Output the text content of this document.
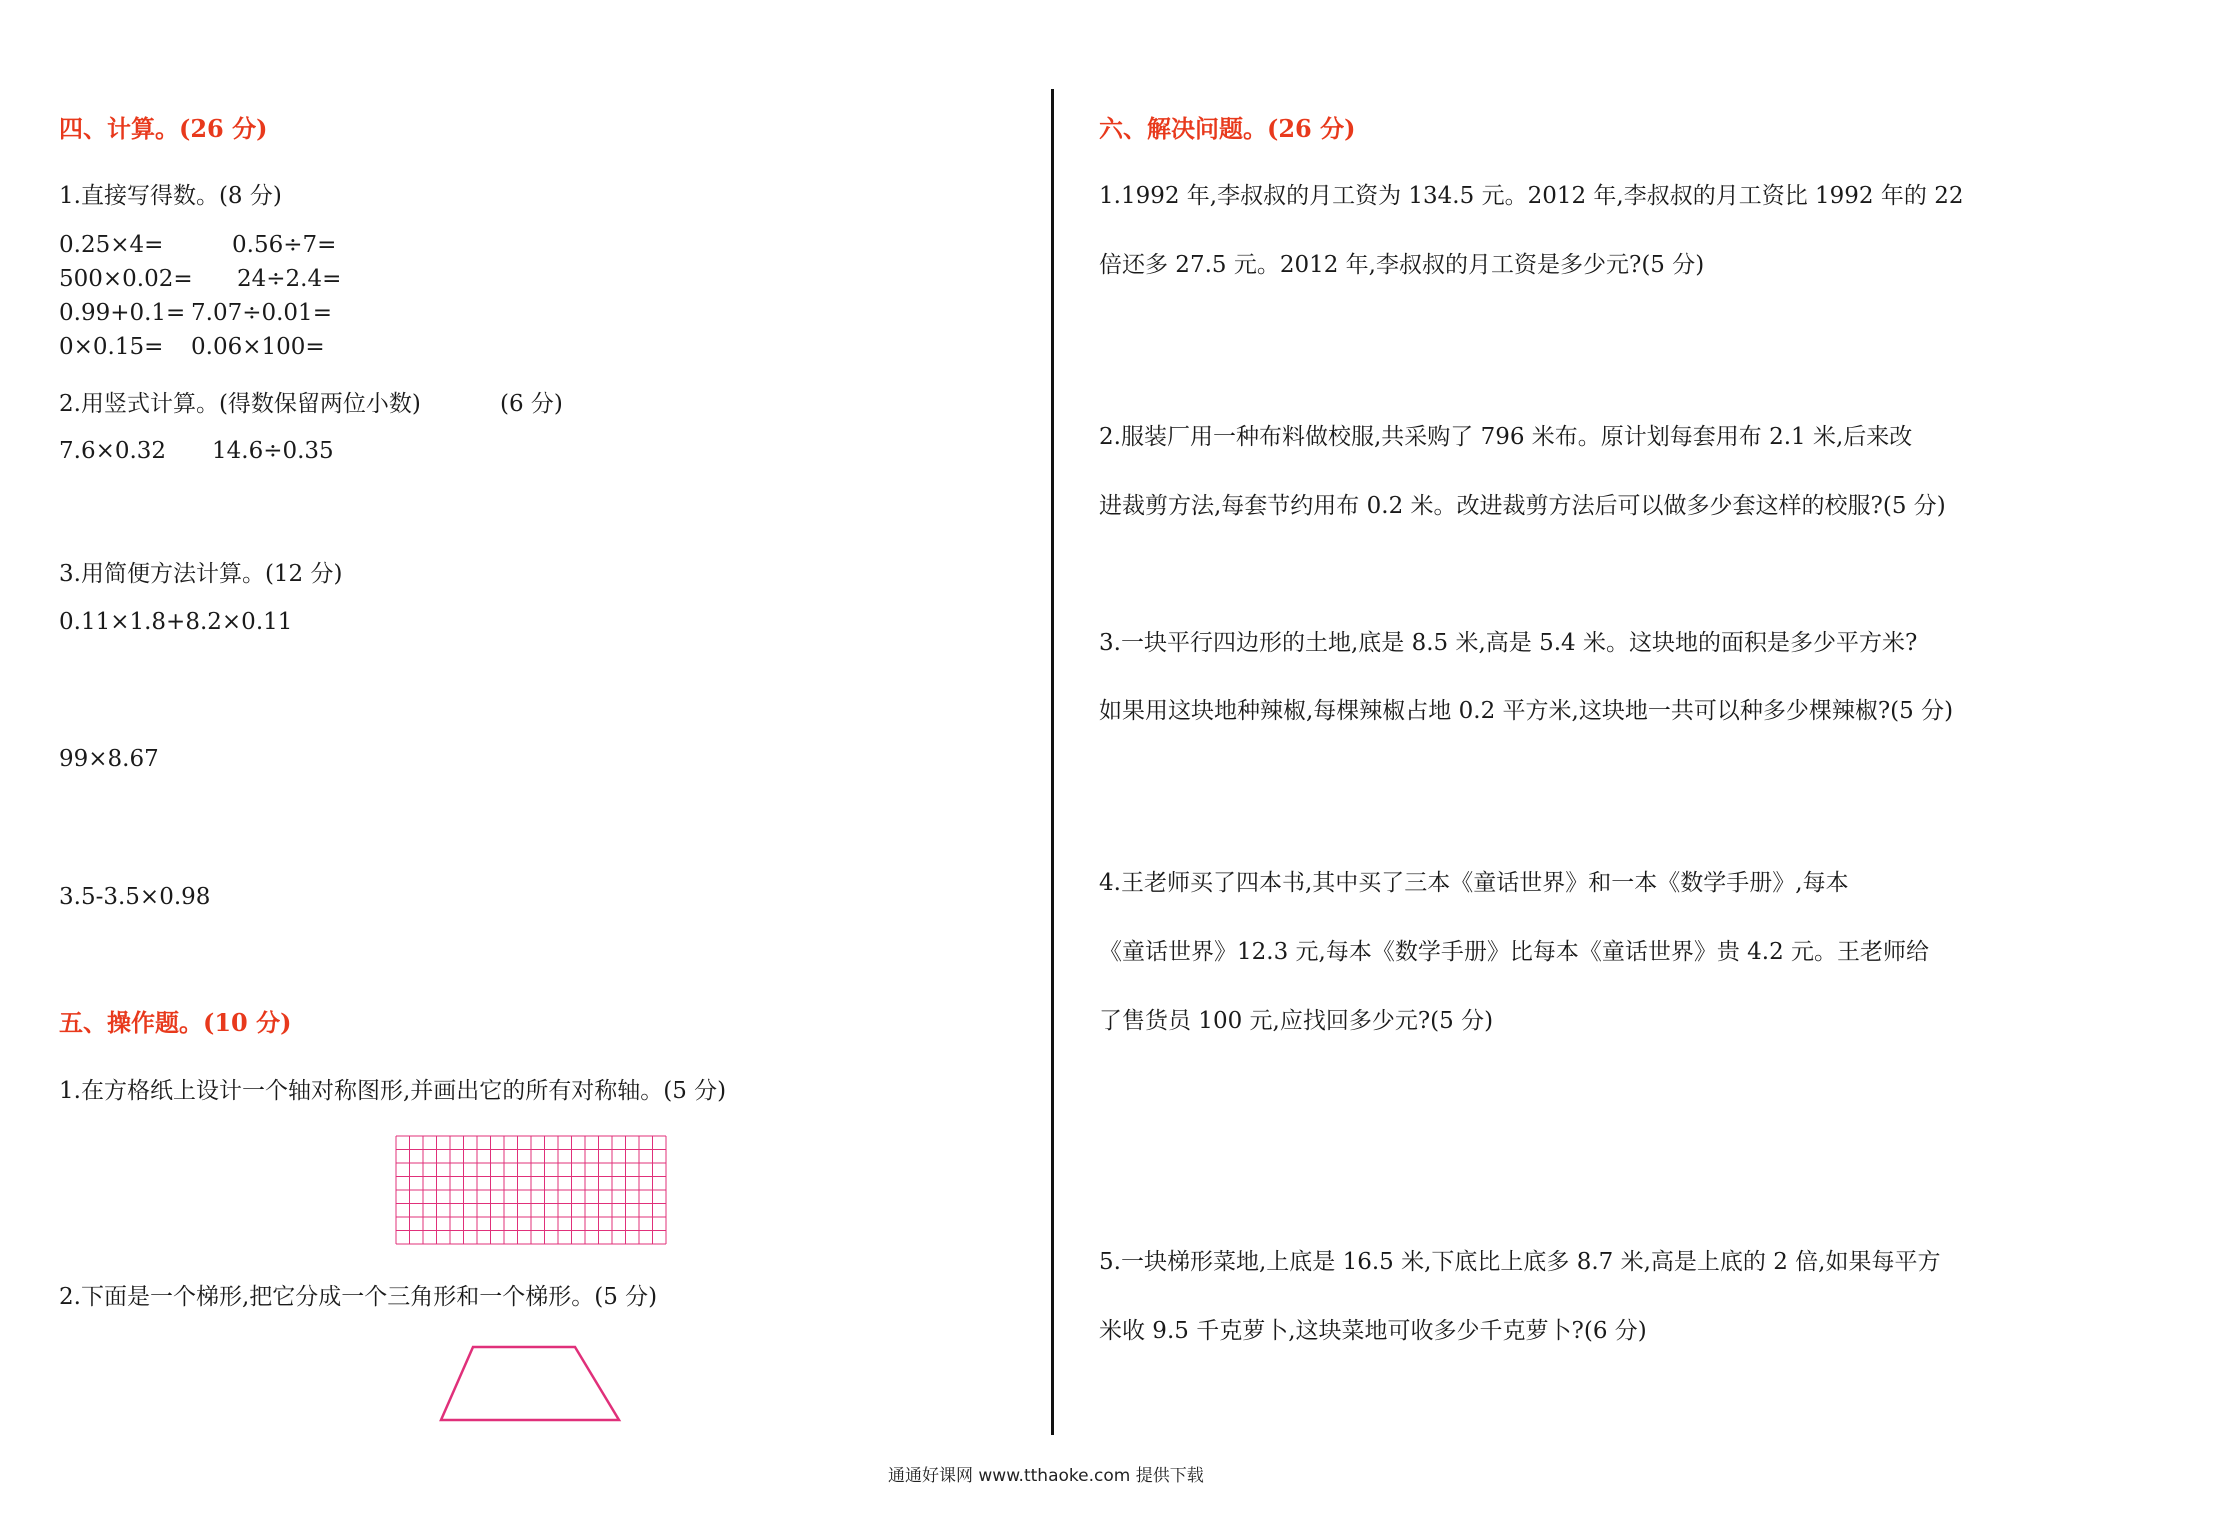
四、计算。(26 分)
1.直接写得数。(8 分)
0.25×4=	0.56÷7=
500×0.02= 24÷2.4=
0.99+0.1= 7.07÷0.01=
0×0.15= 0.06×100=
2.用竖式计算。(得数保留两位小数)	(6 分)
7.6×0.32 14.6÷0.35
3.用简便方法计算。(12 分)
0.11×1.8+8.2×0.11
99×8.67
3.5-3.5×0.98
五、操作题。(10 分)
1.在方格纸上设计一个轴对称图形,并画出它的所有对称轴。(5 分)
2.下面是一个梯形,把它分成一个三角形和一个梯形。(5 分)
六、解决问题。(26 分)
1.1992 年,李叔叔的月工资为 134.5 元。2012 年,李叔叔的月工资比 1992 年的 22
倍还多 27.5 元。2012 年,李叔叔的月工资是多少元?(5 分)
2.服装厂用一种布料做校服,共采购了 796 米布。原计划每套用布 2.1 米,后来改
进裁剪方法,每套节约用布 0.2 米。改进裁剪方法后可以做多少套这样的校服?(5 分)
3.一块平行四边形的土地,底是 8.5 米,高是 5.4 米。这块地的面积是多少平方米?
如果用这块地种辣椒,每棵辣椒占地 0.2 平方米,这块地一共可以种多少棵辣椒?(5 分)
4.王老师买了四本书,其中买了三本《童话世界》和一本《数学手册》,每本
《童话世界》12.3 元,每本《数学手册》比每本《童话世界》贵 4.2 元。王老师给
了售货员 100 元,应找回多少元?(5 分)
5.一块梯形菜地,上底是 16.5 米,下底比上底多 8.7 米,高是上底的 2 倍,如果每平方
米收 9.5 千克萝卜,这块菜地可收多少千克萝卜?(6 分)
通通好课网 www.tthaoke.com 提供下载
